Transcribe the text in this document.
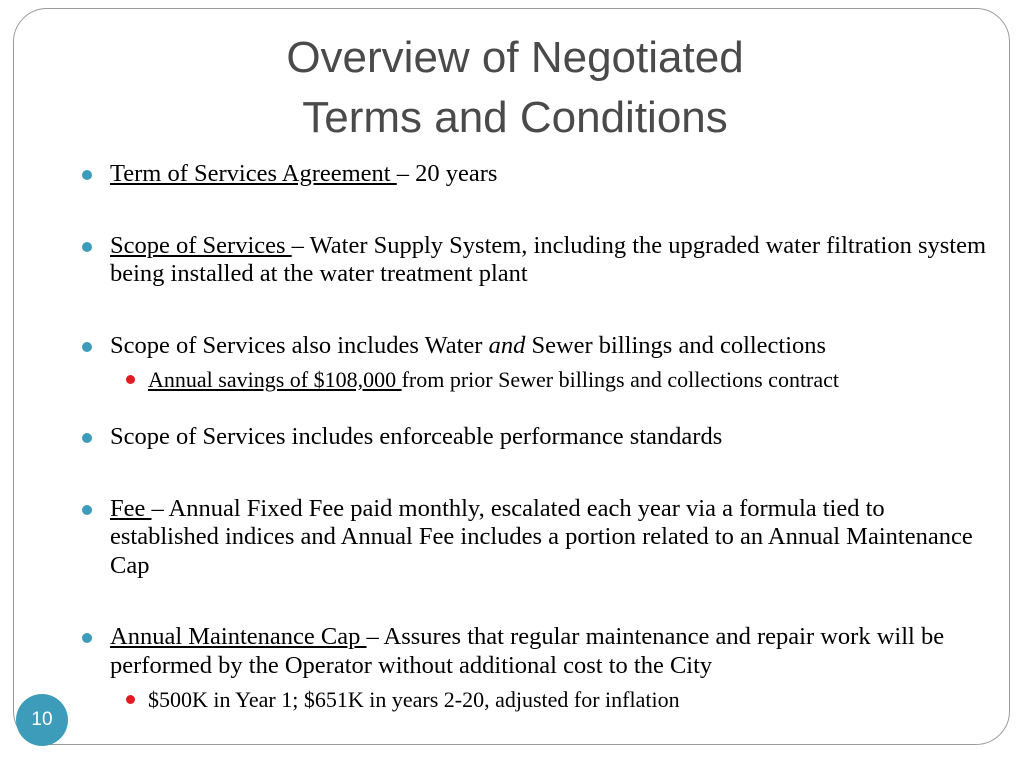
Overview of Negotiated
Terms and Conditions
Term of Services Agreement – 20 years
Scope of Services – Water Supply System, including the upgraded water filtration system being installed at the water treatment plant
Scope of Services also includes Water and Sewer billings and collections
Annual savings of $108,000 from prior Sewer billings and collections contract
Scope of Services includes enforceable performance standards
Fee – Annual Fixed Fee paid monthly, escalated each year via a formula tied to established indices and Annual Fee includes a portion related to an Annual Maintenance Cap
Annual Maintenance Cap – Assures that regular maintenance and repair work will be performed by the Operator without additional cost to the City
$500K in Year 1; $651K in years 2-20, adjusted for inflation
10
